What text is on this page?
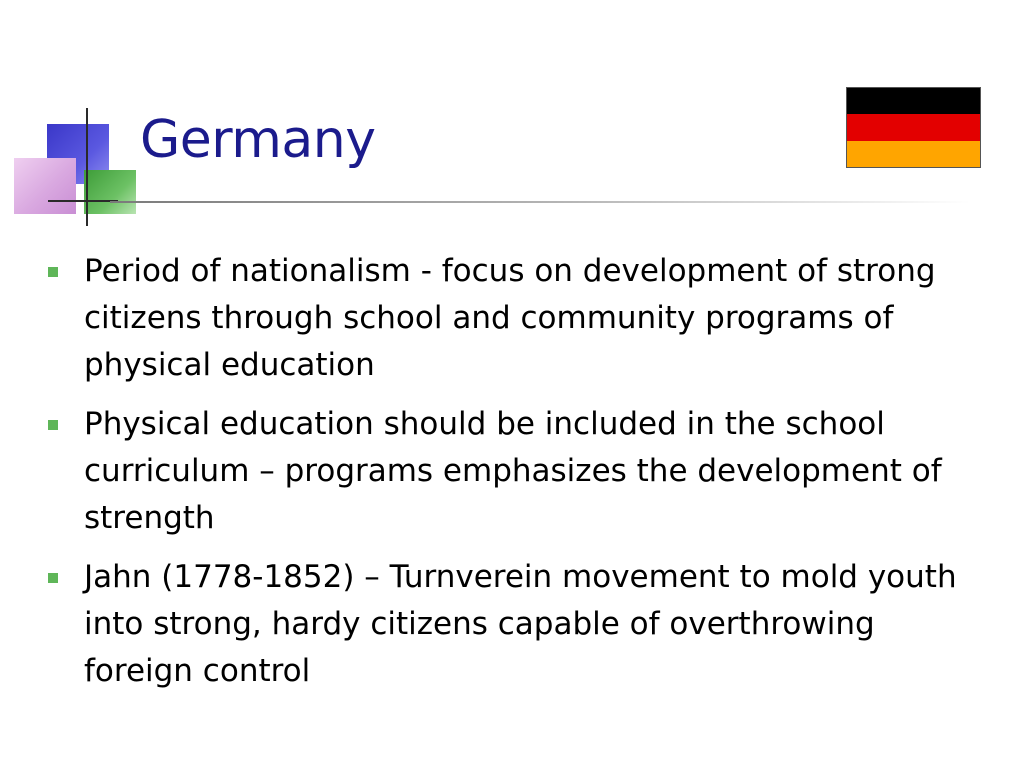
Germany
Period of nationalism - focus on development of strong citizens through school and community programs of physical education
Physical education should be included in the school curriculum – programs emphasizes the development of strength
Jahn (1778-1852) – Turnverein movement to mold youth into strong, hardy citizens capable of overthrowing foreign control
